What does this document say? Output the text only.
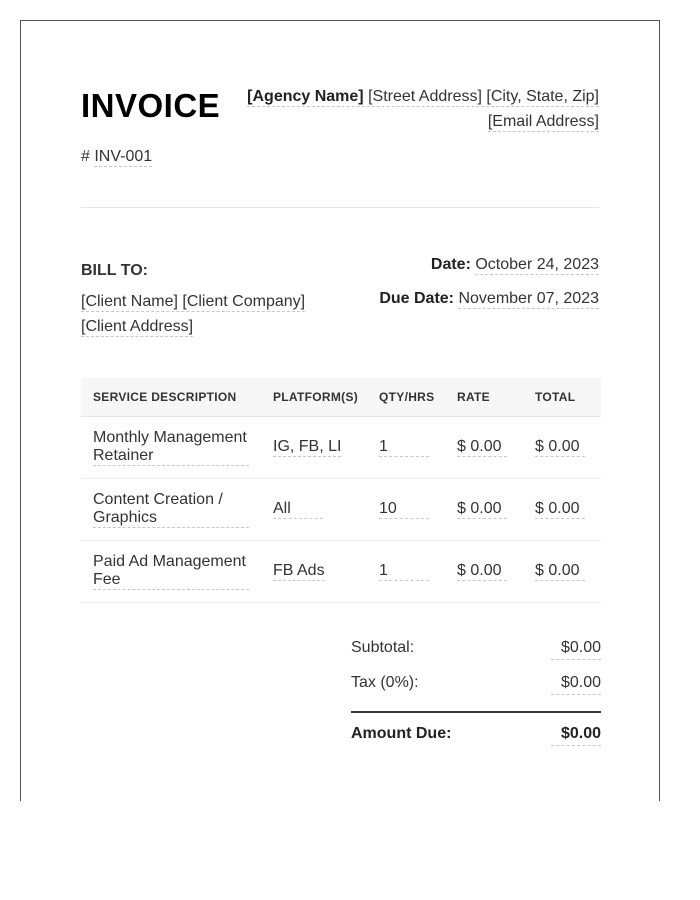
INVOICE	[Agency Name] [Street Address] [City, State, Zip]
[Email Address]
# INV-001
BILL TO:
[Client Name] [Client Company]
[Client Address]
Date: October 24, 2023
Due Date: November 07, 2023
SERVICE DESCRIPTION	PLATFORM(S)	QTY/HRS	RATE	TOTAL
Monthly Management Retainer	IG, FB, LI	1	$ 0.00	$ 0.00
Content Creation / Graphics	All	10	$ 0.00	$ 0.00
Paid Ad Management Fee	FB Ads	1	$ 0.00	$ 0.00
Subtotal:	$0.00
Tax (0%):	$0.00
Amount Due:	$0.00
